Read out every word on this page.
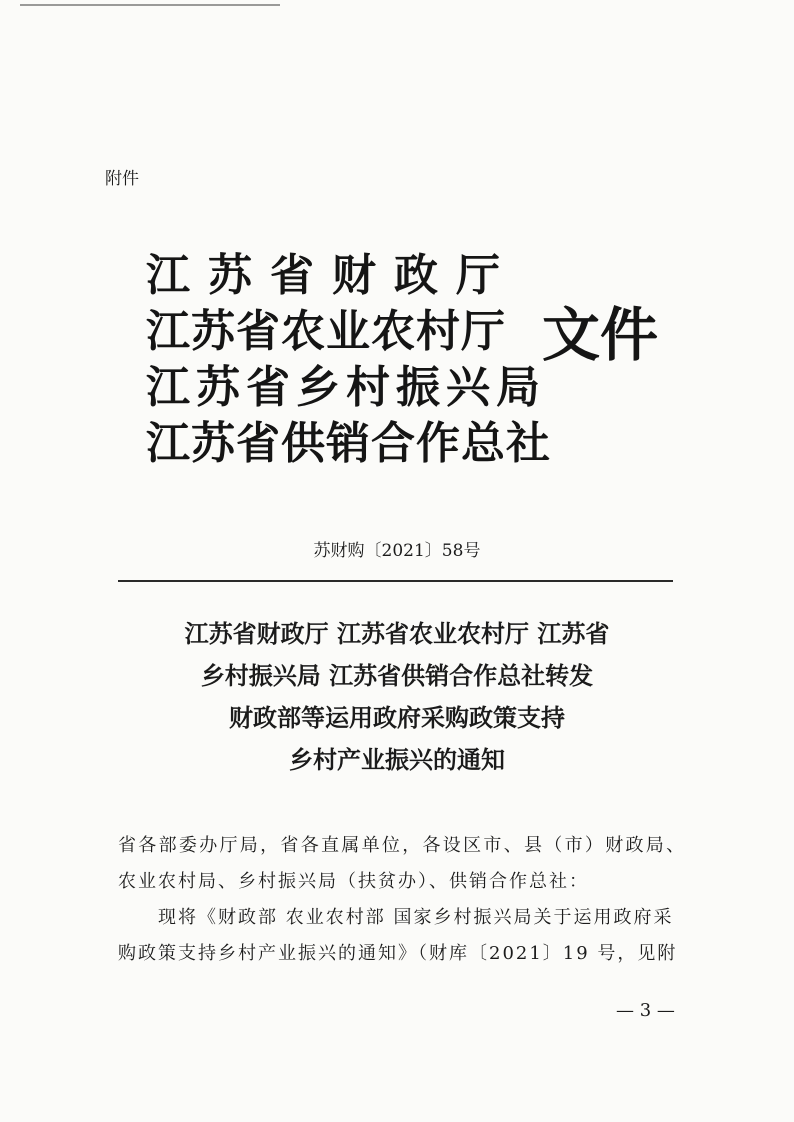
附件
江苏省财政厅
江苏省农业农村厅
江苏省乡村振兴局
江苏省供销合作总社
文件
苏财购〔2021〕58号
江苏省财政厅 江苏省农业农村厅 江苏省
乡村振兴局 江苏省供销合作总社转发
财政部等运用政府采购政策支持
乡村产业振兴的通知
省各部委办厅局，省各直属单位，各设区市、县（市）财政局、
农业农村局、乡村振兴局（扶贫办）、供销合作总社：
现将《财政部 农业农村部 国家乡村振兴局关于运用政府采
购政策支持乡村产业振兴的通知》（财库〔2021〕19 号，见附
— 3 —
